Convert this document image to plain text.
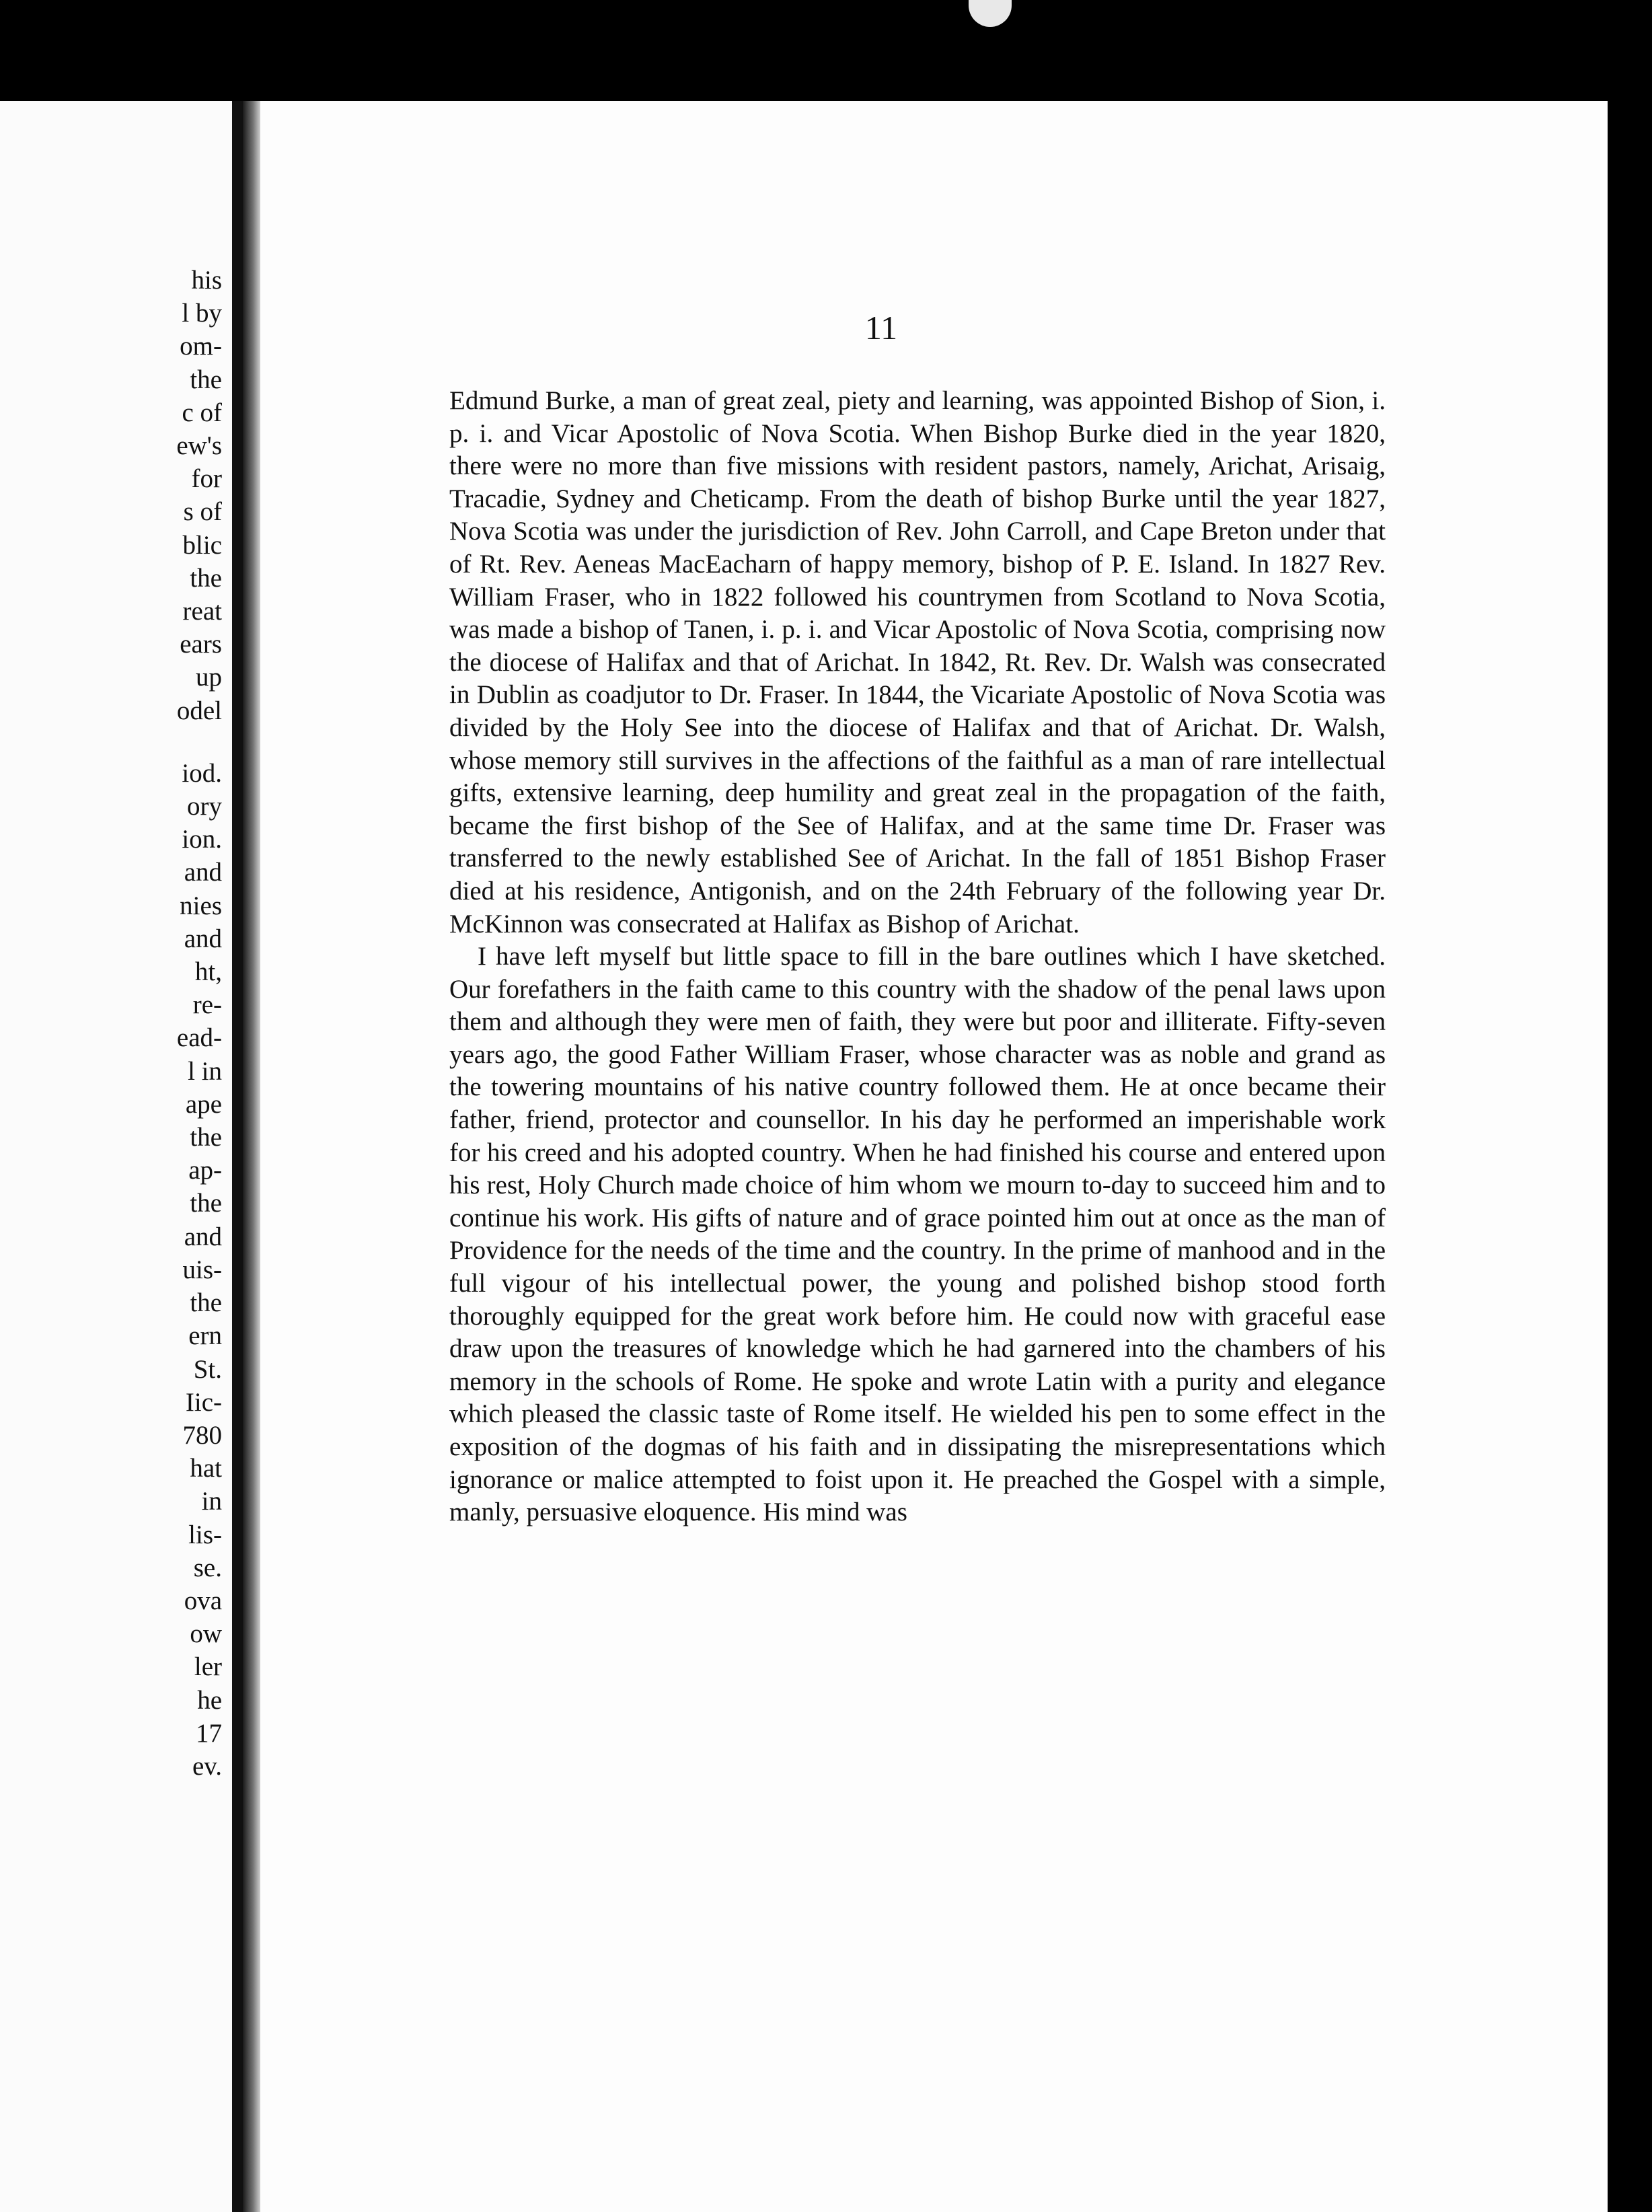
his
l by
om-
the
c of
ew's
for
s of
blic
the
reat
ears
up
odel
iod.
ory
ion.
and
nies
and
ht,
re-
ead-
l in
ape
the
ap-
the
and
uis-
the
ern
St.
Iic-
780
hat
in
lis-
se.
ova
ow
ler
he
17
ev.
11

Edmund Burke, a man of great zeal, piety and learning, was appointed Bishop of Sion, i. p. i. and Vicar Apostolic of Nova Scotia. When Bishop Burke died in the year 1820, there were no more than five missions with resident pastors, namely, Arichat, Arisaig, Tracadie, Sydney and Cheticamp. From the death of bishop Burke until the year 1827, Nova Scotia was under the jurisdiction of Rev. John Carroll, and Cape Breton under that of Rt. Rev. Aeneas MacEacharn of happy memory, bishop of P. E. Island. In 1827 Rev. William Fraser, who in 1822 followed his countrymen from Scotland to Nova Scotia, was made a bishop of Tanen, i. p. i. and Vicar Apostolic of Nova Scotia, comprising now the diocese of Halifax and that of Arichat. In 1842, Rt. Rev. Dr. Walsh was consecrated in Dublin as coadjutor to Dr. Fraser. In 1844, the Vicariate Apostolic of Nova Scotia was divided by the Holy See into the diocese of Halifax and that of Arichat. Dr. Walsh, whose memory still survives in the affections of the faithful as a man of rare intellectual gifts, extensive learning, deep humility and great zeal in the propagation of the faith, became the first bishop of the See of Halifax, and at the same time Dr. Fraser was transferred to the newly established See of Arichat. In the fall of 1851 Bishop Fraser died at his residence, Antigonish, and on the 24th February of the following year Dr. McKinnon was consecrated at Halifax as Bishop of Arichat.

I have left myself but little space to fill in the bare outlines which I have sketched. Our forefathers in the faith came to this country with the shadow of the penal laws upon them and although they were men of faith, they were but poor and illiterate. Fifty-seven years ago, the good Father William Fraser, whose character was as noble and grand as the towering mountains of his native country followed them. He at once became their father, friend, protector and counsellor. In his day he performed an imperishable work for his creed and his adopted country. When he had finished his course and entered upon his rest, Holy Church made choice of him whom we mourn to-day to succeed him and to continue his work. His gifts of nature and of grace pointed him out at once as the man of Providence for the needs of the time and the country. In the prime of manhood and in the full vigour of his intellectual power, the young and polished bishop stood forth thoroughly equipped for the great work before him. He could now with graceful ease draw upon the treasures of knowledge which he had garnered into the chambers of his memory in the schools of Rome. He spoke and wrote Latin with a purity and elegance which pleased the classic taste of Rome itself. He wielded his pen to some effect in the exposition of the dogmas of his faith and in dissipating the misrepresentations which ignorance or malice attempted to foist upon it. He preached the Gospel with a simple, manly, persuasive eloquence. His mind was
